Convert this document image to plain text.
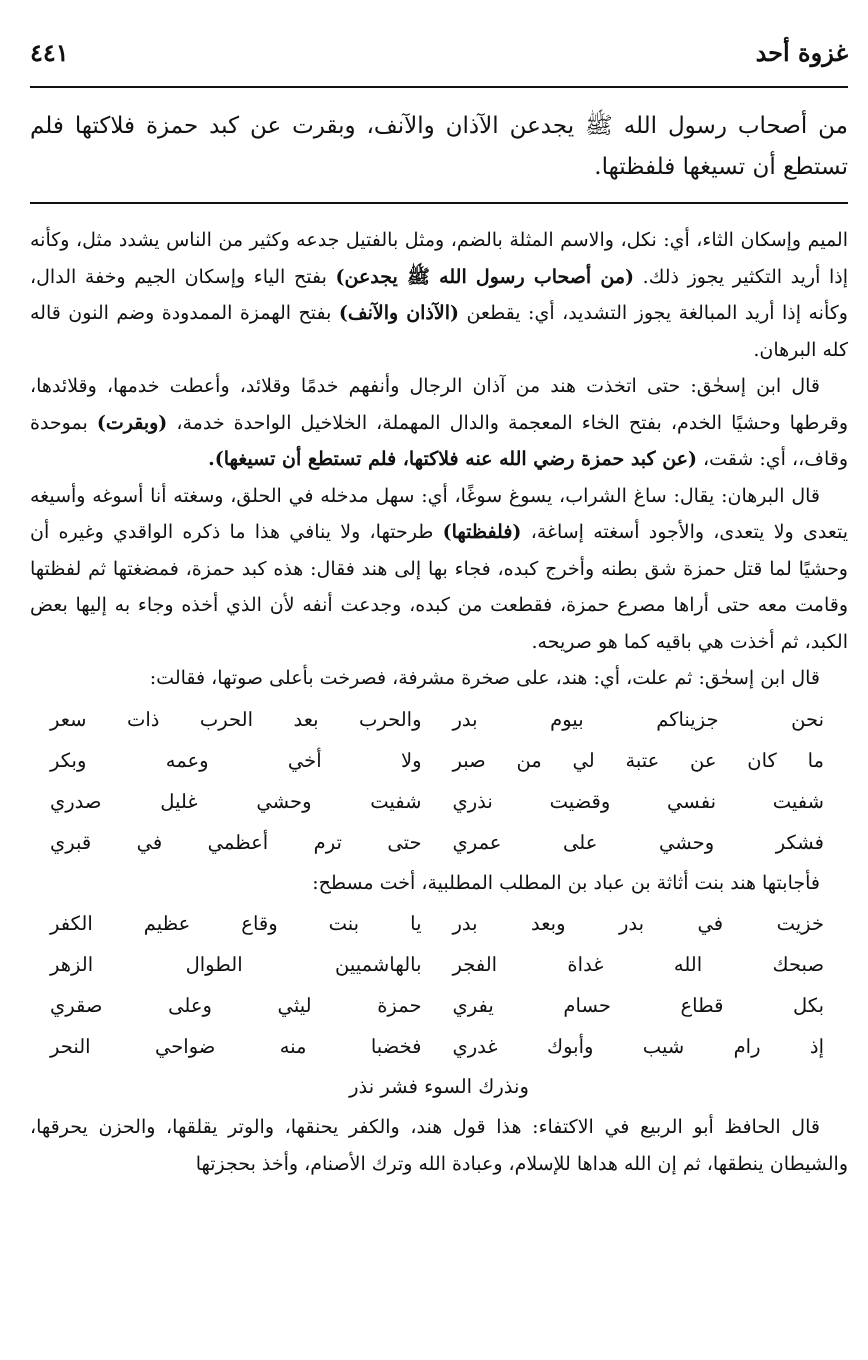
غزوة أحد
٤٤١
من أصحاب رسول الله ﷺ يجدعن الآذان والآنف، وبقرت عن كبد حمزة فلاكتها فلم تستطع أن تسيغها فلفظتها.

الميم وإسكان الثاء، أي: نكل، والاسم المثلة بالضم، ومثل بالفتيل جدعه وكثير من الناس يشدد مثل، وكأنه إذا أريد التكثير يجوز ذلك. (من أصحاب رسول الله ﷺ يجدعن) بفتح الياء وإسكان الجيم وخفة الدال، وكأنه إذا أريد المبالغة يجوز التشديد، أي: يقطعن (الآذان والآنف) بفتح الهمزة الممدودة وضم النون قاله كله البرهان.

قال ابن إسحٰق: حتى اتخذت هند من آذان الرجال وأنفهم خدمًا وقلائد، وأعطت خدمها، وقلائدها، وقرطها وحشيًا الخدم، بفتح الخاء المعجمة والدال المهملة، الخلاخيل الواحدة خدمة، (وبقرت) بموحدة وقاف،، أي: شقت، (عن كبد حمزة رضي الله عنه فلاكتها، فلم تستطع أن تسيغها).

قال البرهان: يقال: ساغ الشراب، يسوغ سوغًا، أي: سهل مدخله في الحلق، وسغته أنا أسوغه وأسيغه يتعدى ولا يتعدى، والأجود أسغته إساغة، (فلفظتها) طرحتها، ولا ينافي هذا ما ذكره الواقدي وغيره أن وحشيًا لما قتل حمزة شق بطنه وأخرج كبده، فجاء بها إلى هند فقال: هذه كبد حمزة، فمضغتها ثم لفظتها وقامت معه حتى أراها مصرع حمزة، فقطعت من كبده، وجدعت أنفه لأن الذي أخذه وجاء به إليها بعض الكبد، ثم أخذت هي باقيه كما هو صريحه.

قال ابن إسحٰق: ثم علت، أي: هند، على صخرة مشرفة، فصرخت بأعلى صوتها، فقالت:

نحن جزيناكم بيوم بدر
والحرب بعد الحرب ذات سعر
ما كان عن عتبة لي من صبر
ولا أخي وعمه وبكر
شفيت نفسي وقضيت نذري
شفيت وحشي غليل صدري
فشكر وحشي على عمري
حتى ترم أعظمي في قبري

فأجابتها هند بنت أثاثة بن عباد بن المطلب المطلبية، أخت مسطح:

خزيت في بدر وبعد بدر
يا بنت وقاع عظيم الكفر
صبحك الله غداة الفجر
بالهاشميين الطوال الزهر
بكل قطاع حسام يفري
حمزة ليثي وعلى صقري
إذ رام شيب وأبوك غدري
فخضبا منه ضواحي النحر
ونذرك السوء فشر نذر

قال الحافظ أبو الربيع في الاكتفاء: هذا قول هند، والكفر يحنقها، والوتر يقلقها، والحزن يحرقها، والشيطان ينطقها، ثم إن الله هداها للإسلام، وعبادة الله وترك الأصنام، وأخذ بحجزتها
